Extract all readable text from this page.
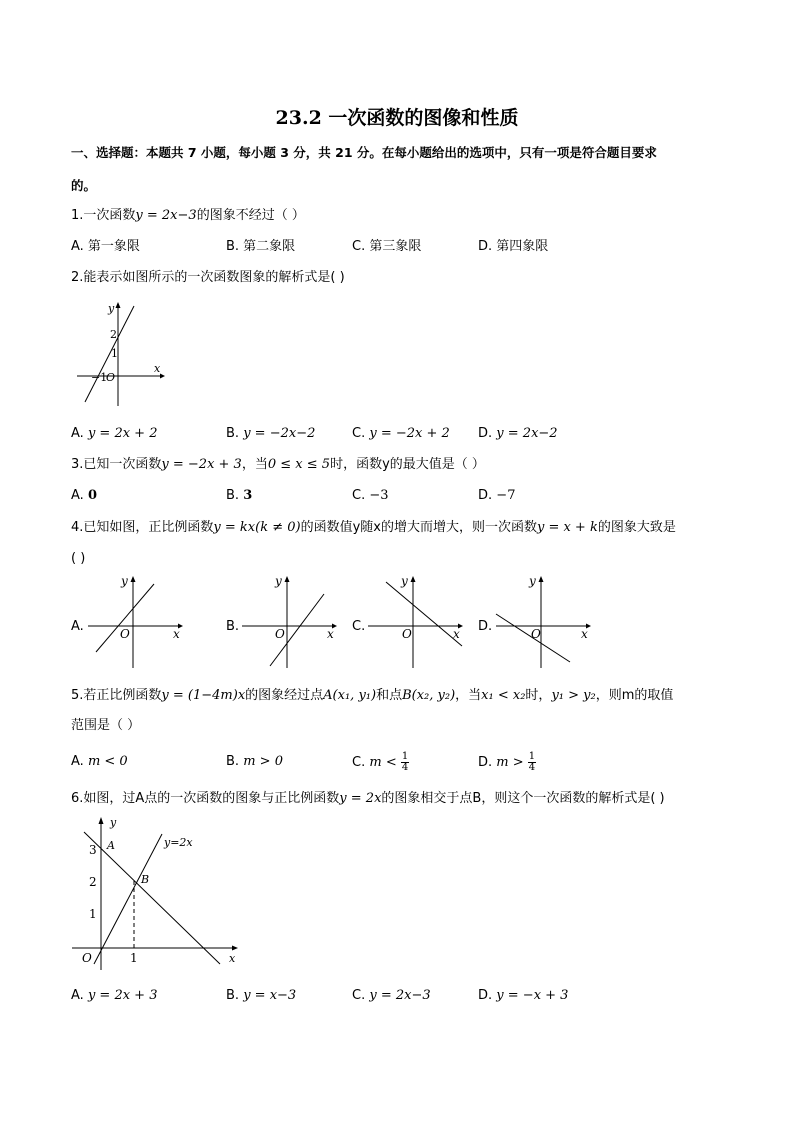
23.2 一次函数的图像和性质
一、选择题：本题共 7 小题，每小题 3 分，共 21 分。在每小题给出的选项中，只有一项是符合题目要求
的。
1.一次函数y = 2x−3的图象不经过（ ）
A. 第一象限	B. 第二象限	C. 第三象限	D. 第四象限
2.能表示如图所示的一次函数图象的解析式是( )
y
x
2
1
−1
O
A. y = 2x + 2	B. y = −2x−2	C. y = −2x + 2 D. y = 2x−2
3.已知一次函数y = −2x + 3，当0 ≤ x ≤ 5时，函数y的最大值是（ ）
A. 0	B. 3	C. −3	D. −7
4.已知如图，正比例函数y = kx(k ≠ 0)的函数值y随x的增大而增大，则一次函数y = x + k的图象大致是
( )
A.
y
x
O	B.
y
x
O	C.
y
x
O	D.
y
x
O
5.若正比例函数y = (1−4m)x的图象经过点A(x₁, y₁)和点B(x₂, y₂)，当x₁ < x₂时，y₁ > y₂，则m的取值
范围是（ ）
A. m < 0	B. m > 0	C. $m < \frac{1}{4}$	D. $m > \frac{1}{4}$
6.如图，过A点的一次函数的图象与正比例函数y = 2x的图象相交于点B，则这个一次函数的解析式是( )
y
x
O
A
B
y=2x
3
2
1
1
A. y = 2x + 3	B. y = x−3	C. y = 2x−3	D. y = −x + 3
